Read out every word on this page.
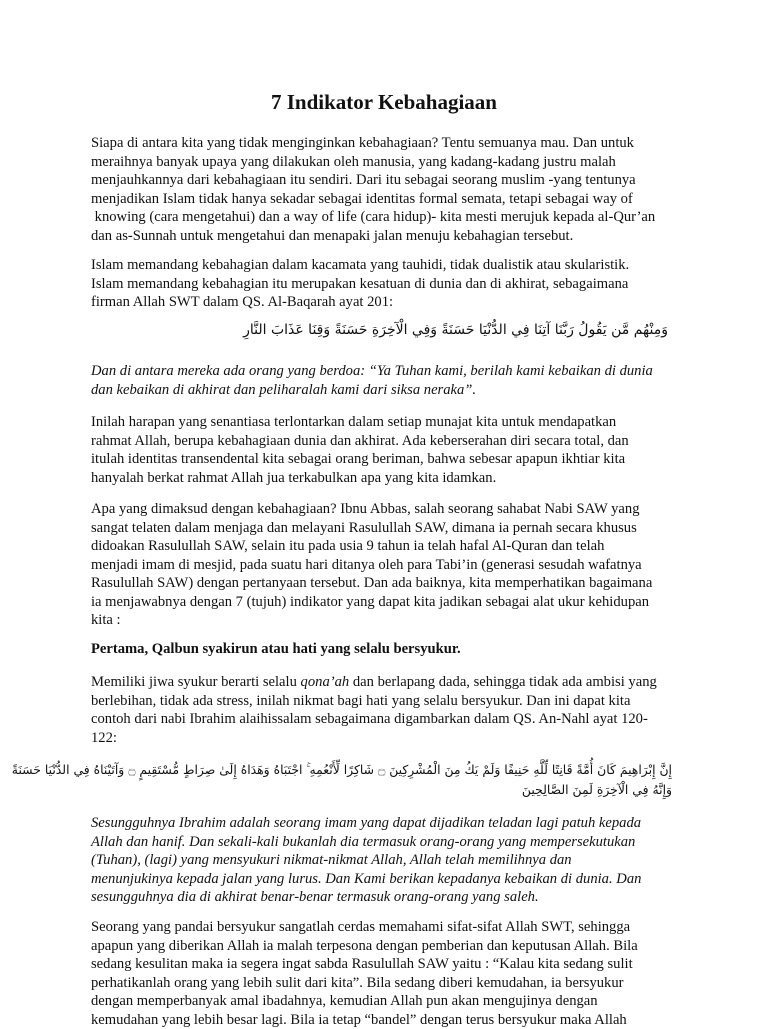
7 Indikator Kebahagiaan

Siapa di antara kita yang tidak menginginkan kebahagiaan? Tentu semuanya mau. Dan untuk
meraihnya banyak upaya yang dilakukan oleh manusia, yang kadang-kadang justru malah
menjauhkannya dari kebahagiaan itu sendiri. Dari itu sebagai seorang muslim -yang tentunya
menjadikan Islam tidak hanya sekadar sebagai identitas formal semata, tetapi sebagai way of
knowing (cara mengetahui) dan a way of life (cara hidup)- kita mesti merujuk kepada al-Qur’an
dan as-Sunnah untuk mengetahui dan menapaki jalan menuju kebahagian tersebut.

Islam memandang kebahagian dalam kacamata yang tauhidi, tidak dualistik atau skularistik.
Islam memandang kebahagian itu merupakan kesatuan di dunia dan di akhirat, sebagaimana
firman Allah SWT dalam QS. Al-Baqarah ayat 201:

وَمِنْهُم مَّن يَقُولُ رَبَّنَا آتِنَا فِي الدُّنْيَا حَسَنَةً وَفِي الْآخِرَةِ حَسَنَةً وَقِنَا عَذَابَ النَّارِ

Dan di antara mereka ada orang yang berdoa: “Ya Tuhan kami, berilah kami kebaikan di dunia
dan kebaikan di akhirat dan peliharalah kami dari siksa neraka”.

Inilah harapan yang senantiasa terlontarkan dalam setiap munajat kita untuk mendapatkan
rahmat Allah, berupa kebahagiaan dunia dan akhirat. Ada keberserahan diri secara total, dan
itulah identitas transendental kita sebagai orang beriman, bahwa sebesar apapun ikhtiar kita
hanyalah berkat rahmat Allah jua terkabulkan apa yang kita idamkan.

Apa yang dimaksud dengan kebahagiaan? Ibnu Abbas, salah seorang sahabat Nabi SAW yang
sangat telaten dalam menjaga dan melayani Rasulullah SAW, dimana ia pernah secara khusus
didoakan Rasulullah SAW, selain itu pada usia 9 tahun ia telah hafal Al-Quran dan telah
menjadi imam di mesjid, pada suatu hari ditanya oleh para Tabi’in (generasi sesudah wafatnya
Rasulullah SAW) dengan pertanyaan tersebut. Dan ada baiknya, kita memperhatikan bagaimana
ia menjawabnya dengan 7 (tujuh) indikator yang dapat kita jadikan sebagai alat ukur kehidupan
kita :

Pertama, Qalbun syakirun atau hati yang selalu bersyukur.

Memiliki jiwa syukur berarti selalu qona’ah dan berlapang dada, sehingga tidak ada ambisi yang
berlebihan, tidak ada stress, inilah nikmat bagi hati yang selalu bersyukur. Dan ini dapat kita
contoh dari nabi Ibrahim alaihissalam sebagaimana digambarkan dalam QS. An-Nahl ayat 120-
122:

إِنَّ إِبْرَاهِيمَ كَانَ أُمَّةً قَانِتًا لِّلَّهِ حَنِيفًا وَلَمْ يَكُ مِنَ الْمُشْرِكِينَ ۝ شَاكِرًا لِّأَنْعُمِهِ ۚ اجْتَبَاهُ وَهَدَاهُ إِلَىٰ صِرَاطٍ مُّسْتَقِيمٍ ۝ وَآتَيْنَاهُ فِي الدُّنْيَا حَسَنَةً

وَإِنَّهُ فِي الْآخِرَةِ لَمِنَ الصَّالِحِينَ

Sesungguhnya Ibrahim adalah seorang imam yang dapat dijadikan teladan lagi patuh kepada
Allah dan hanif. Dan sekali-kali bukanlah dia termasuk orang-orang yang mempersekutukan
(Tuhan), (lagi) yang mensyukuri nikmat-nikmat Allah, Allah telah memilihnya dan
menunjukinya kepada jalan yang lurus. Dan Kami berikan kepadanya kebaikan di dunia. Dan
sesungguhnya dia di akhirat benar-benar termasuk orang-orang yang saleh.

Seorang yang pandai bersyukur sangatlah cerdas memahami sifat-sifat Allah SWT, sehingga
apapun yang diberikan Allah ia malah terpesona dengan pemberian dan keputusan Allah. Bila
sedang kesulitan maka ia segera ingat sabda Rasulullah SAW yaitu : “Kalau kita sedang sulit
perhatikanlah orang yang lebih sulit dari kita”. Bila sedang diberi kemudahan, ia bersyukur
dengan memperbanyak amal ibadahnya, kemudian Allah pun akan mengujinya dengan
kemudahan yang lebih besar lagi. Bila ia tetap “bandel” dengan terus bersyukur maka Allah
